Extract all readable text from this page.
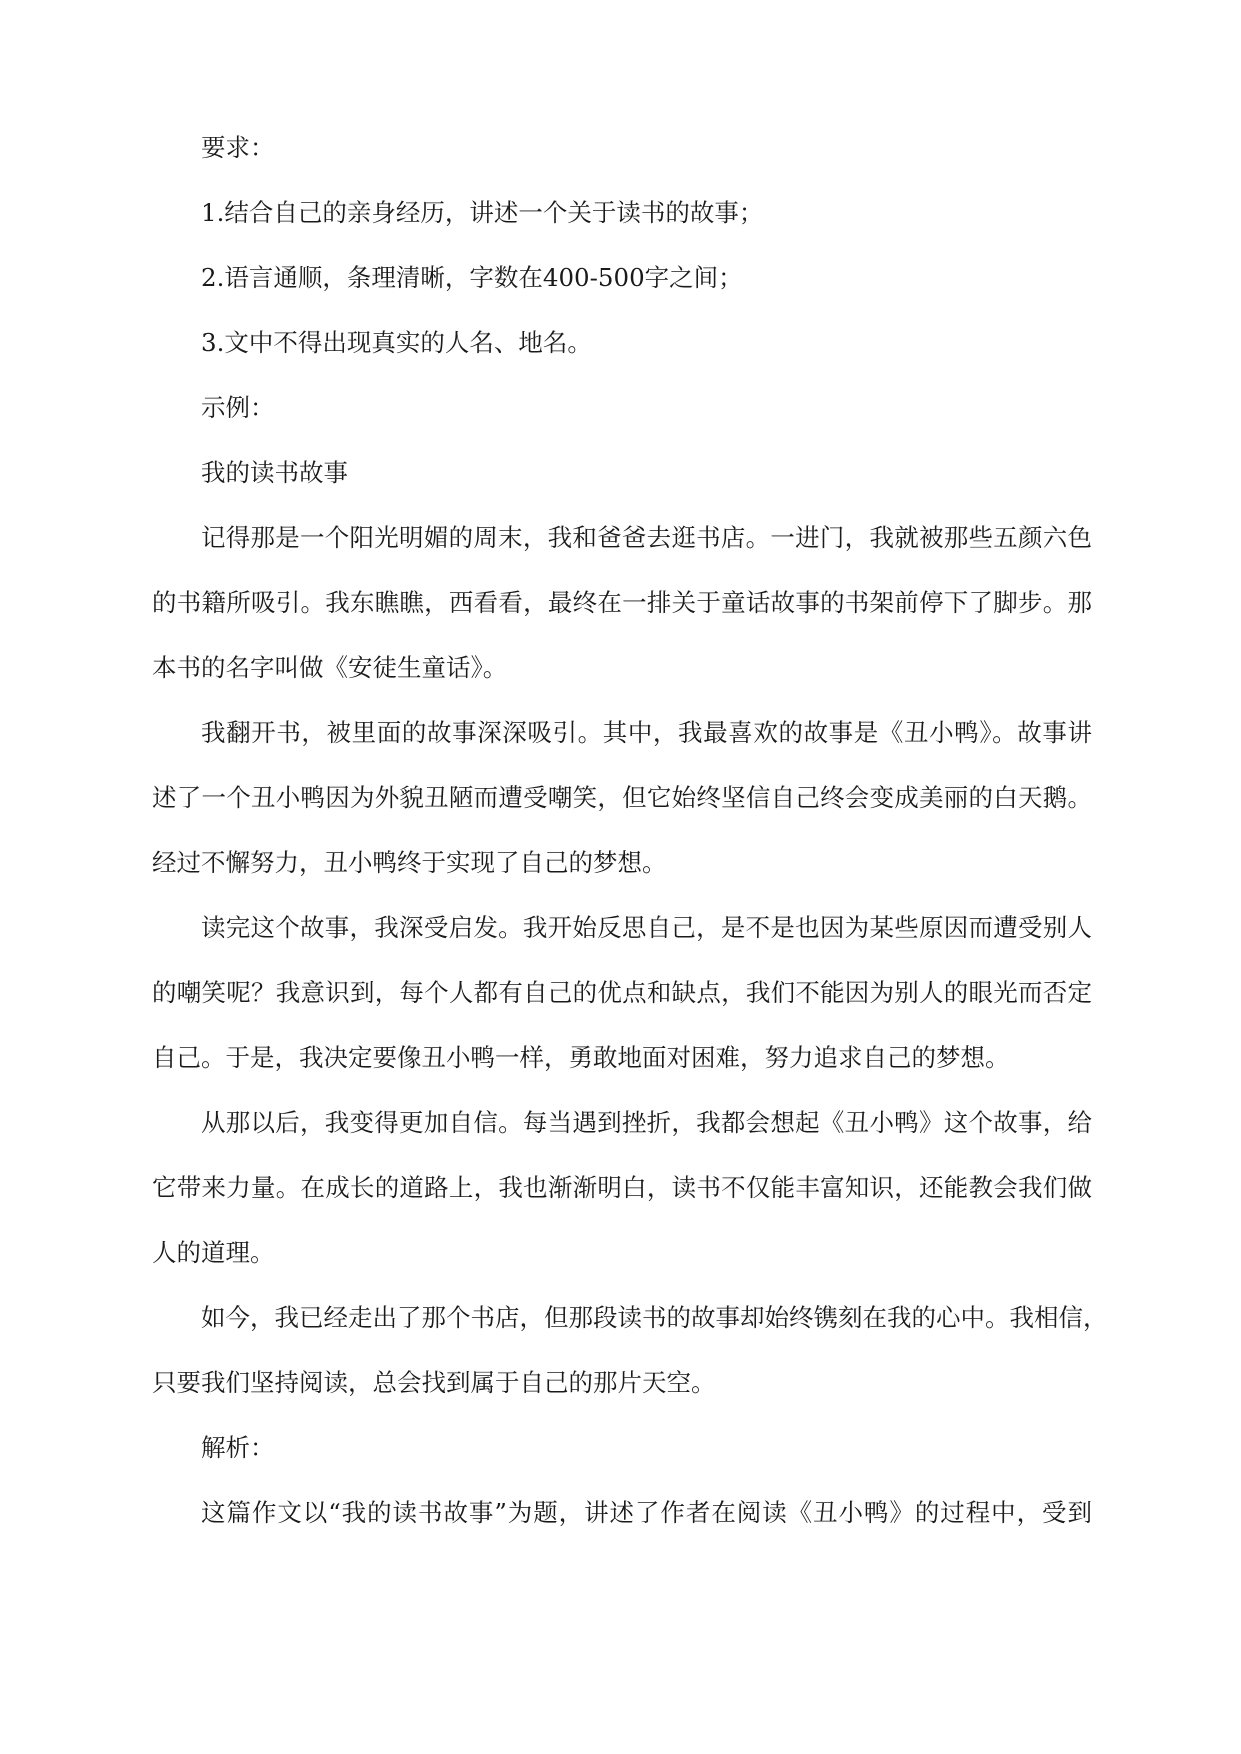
要求：
1.结合自己的亲身经历，讲述一个关于读书的故事；
2.语言通顺，条理清晰，字数在400-500字之间；
3.文中不得出现真实的人名、地名。
示例：
我的读书故事
记得那是一个阳光明媚的周末，我和爸爸去逛书店。一进门，我就被那些五颜六色
的书籍所吸引。我东瞧瞧，西看看，最终在一排关于童话故事的书架前停下了脚步。那
本书的名字叫做《安徒生童话》。
我翻开书，被里面的故事深深吸引。其中，我最喜欢的故事是《丑小鸭》。故事讲
述了一个丑小鸭因为外貌丑陋而遭受嘲笑，但它始终坚信自己终会变成美丽的白天鹅。
经过不懈努力，丑小鸭终于实现了自己的梦想。
读完这个故事，我深受启发。我开始反思自己，是不是也因为某些原因而遭受别人
的嘲笑呢？我意识到，每个人都有自己的优点和缺点，我们不能因为别人的眼光而否定
自己。于是，我决定要像丑小鸭一样，勇敢地面对困难，努力追求自己的梦想。
从那以后，我变得更加自信。每当遇到挫折，我都会想起《丑小鸭》这个故事，给
它带来力量。在成长的道路上，我也渐渐明白，读书不仅能丰富知识，还能教会我们做
人的道理。
如今，我已经走出了那个书店，但那段读书的故事却始终镌刻在我的心中。我相信，
只要我们坚持阅读，总会找到属于自己的那片天空。
解析：
这篇作文以“我的读书故事”为题，讲述了作者在阅读《丑小鸭》的过程中，受到
